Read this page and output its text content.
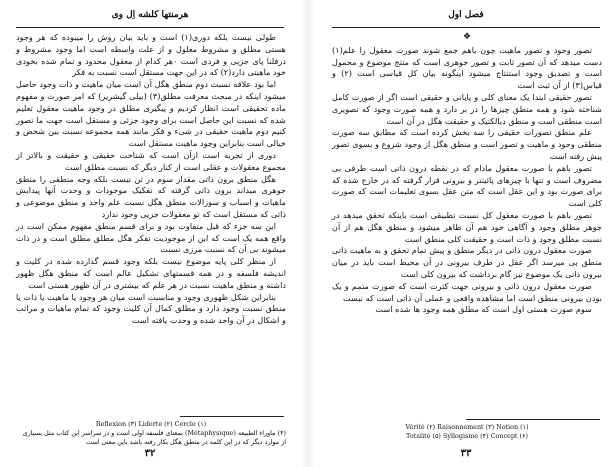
هرمنتها کلشه اِل وی

طولی نیست بلکه دوری(۱) است و باید بیان روش را میبوده که هر وجود هستی مطلق و مشروط معلول و از علت واسطه است اما وجود مشروط و درفلنا پای جزیی و فردی است ٠هر کدام از معقول محدود و تمام شده بخودی خود ماهیتی دارد(۲) که در این جهت مستقل است نسبت به فکر

اما بود علاقه نسبت دوم منطق هگل آن است میان ماهیت و ذات وجود حاصل میشود اینکه در مبحث معرفت مطلق(۳) (بیلی گیشریر) که امر صورت و مفهوم ماده تحقیقی است انظار کردیم و پیگیری مطلق در وجود ماهیت معقول تعلیم شده که نسبت این حاصل است برای وجود جزئی و مستقل است جهت ما تصور کنیم دوم ماهیت حقیقی در شیء و فکر مانند همه مجموعه نسبت بین شخص و خیالی است بنابراین وجود ماهیت مستقل است

دوری از تجربه است ازآن است که شناخت حقیقی و حقیقت و بالاتر از مجموع معقولات و عقلی است از کنار دیگر که نسبت مطلق است

هگل منطق برون ذاتی مقدار سوم در تن نیست بلکه وجه منطقی را منطق جوهری میداند برون ذاتی گرفته که تفکیک موجودات و وحدت آنها پیدایش ماهیات و اسباب و سوزالات منطق هگل نسبت علم واحد و منطق موضوعی و ذاتی که مستقل است که تو معقولات جزیی وجود ندارد

این سه جزء که قبل متفاوت بود و برای قسم منطق مفهوم ممکن است در واقع همه یک است که این از موجودیت تفکر هگل مطلق مطلق است و در ذات میشوند بی آن که نسبت مرزی نسبت

از منظر کلی پایه موضوع نیست بلکه وجود قسم گذارده شده در کلیت و اندیشه فلسفه و در همه قسمتهای تشکیل عالم است که منطق هگل ظهور داشته و منطق ماهیت نسبت در هر علم که بیشتری در آن ظهور هستی است

بنابراین شکل ظهوری وجود و مناسبت است میان هر وجود یا ماهیت یا ذات یا منطق نسبت وجود دارد و مطلق کمال آن کلیت وجود که تمام ماهیات و مراتب و اشکال در آن واحد شده و وحدت یافته است

Reflexion (۳) Liderte (۲) Cercle (۱)
(۴) ماوراء الطبیعه (Métaphysique) بمعنای فلسفه اولی است و در سراسر این کتاب مثل بسیاری از موارد دیگر که در این کلمه در منطق هگل بکار رفته باشد باین معنی است
۳۲
فصل اول
❖

تصور وجود و تصور ماهیت چون باهم جمع شوند صورت معقول را علم(۱) دست میدهد که آن تصور ثابت و تصور جوهری است که منتج موضوع و محمول است و تصدیق وجود استنتاج میشود اینگونه بیان کل قیاسی است (۲) و قیاس(۳) از آن ثبت است

تصور حقیقی ابتدا یک معنای کلی و پایانی و حقیقی است اگر از صورت کامل شناخته شود و همه منطق چیزها را در بر دارد و همه صورت وجود که تصویری است منطقی است و منطق دیالکتیک و حقیقت هگل در آن است

علم منطق تصورات حقیقی را سه بخش کرده است که مطابق سه صورت منطقی وجود و ماهیت و تصور است و منطق هگل از وجود شروع و بسوی تصور پیش رفته است

تصور باهم با صورت معقول مادام که در نقطه درون ذاتی است طرفی بی مضروف است و تنها با چیزهای پائینتر و بیرونی قرار گرفته که در خارج شده که برای صورت بود و این عقل است که متن عقل بسوی تعلیمات است که صورت کلی است

تصور باهم با صورت معقول کل نسبت تطبیقی است باینکه تحقق میدهد در جوهر مطلق وجود و آگاهی خود هم آن ظاهر میشود و منطق هگل هم از آن نسبت مطلق وجود و ذات است و حقیقت کلی منطق است

صورت معقول درون ذاتی در دیگر منطق و پیش تمام تحقق و به ماهیت ذاتی منطق پی میرسد اگر عقل در طرف بیرونی در آن محیط است باید در میان بیرون ذاتی یک موضوع نیز گام برداشت که بیرون کلی است

صورت معقول درون ذاتی و بیرونی جهت کثرت است که صورت متمم و یک بودن بیرونی منطق است اما مشاهده واقعی و عملی آن ذاتی است که نیست

سوم صورت هستی اول است که مطلق همه وجود ها شده است

Vérité (۲) Raisonnement (۳) Notion (۱)
Totalité (۵) Syllogisme (۴) Concept (۶)
۳۳
